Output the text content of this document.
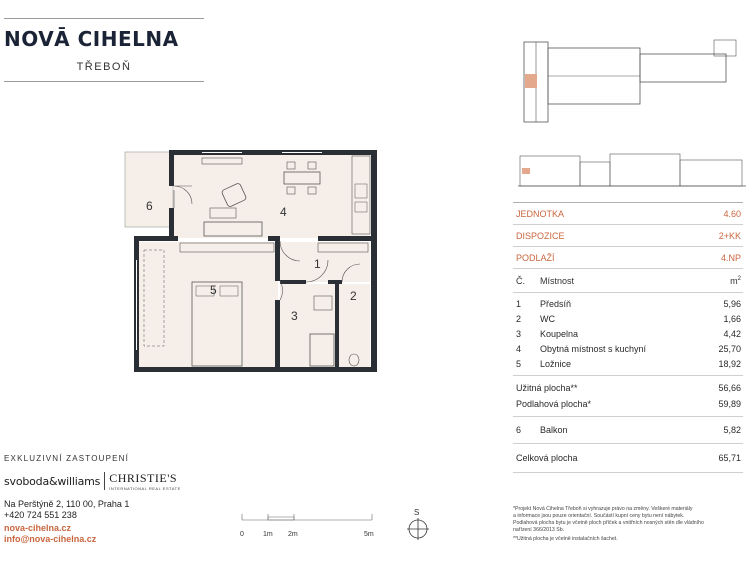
NOVĀ CIHELNA
TŘEBOŇ
6	4
5
1
2
3
JEDNOTKA	4.60
DISPOZICE	2+KK
PODLAŽÍ	4.NP
Č.	Místnost	$m^2$
1	Předsíň	5,96
2	WC	1,66
3	Koupelna	4,42
4	Obytná místnost s kuchyní	25,70
5	Ložnice	18,92
Užitná plocha**	56,66
Podlahová plocha*	59,89
6	Balkon	5,82
Celková plocha	65,71
EXKLUZIVNÍ ZASTOUPENÍ
svoboda&williams CHRISTIE'S
INTERNATIONAL REAL ESTATE
Na Perštýně 2, 110 00, Praha 1
+420 724 551 238
nova-cihelna.cz
info@nova-cihelna.cz	0	1m 2m	5m
S	*Projekt Nová Cihelna Třeboň si vyhrazuje právo na změny. Veškeré materiály
a informace jsou pouze orientační. Součástí kupní ceny bytu není nábytek.
Podlahová plocha bytu je včetně ploch příček a vnitřních nosných stěn dle vládního
nařízení 366/2013 Sb.
**Užitná plocha je včetně instalačních šachet.
